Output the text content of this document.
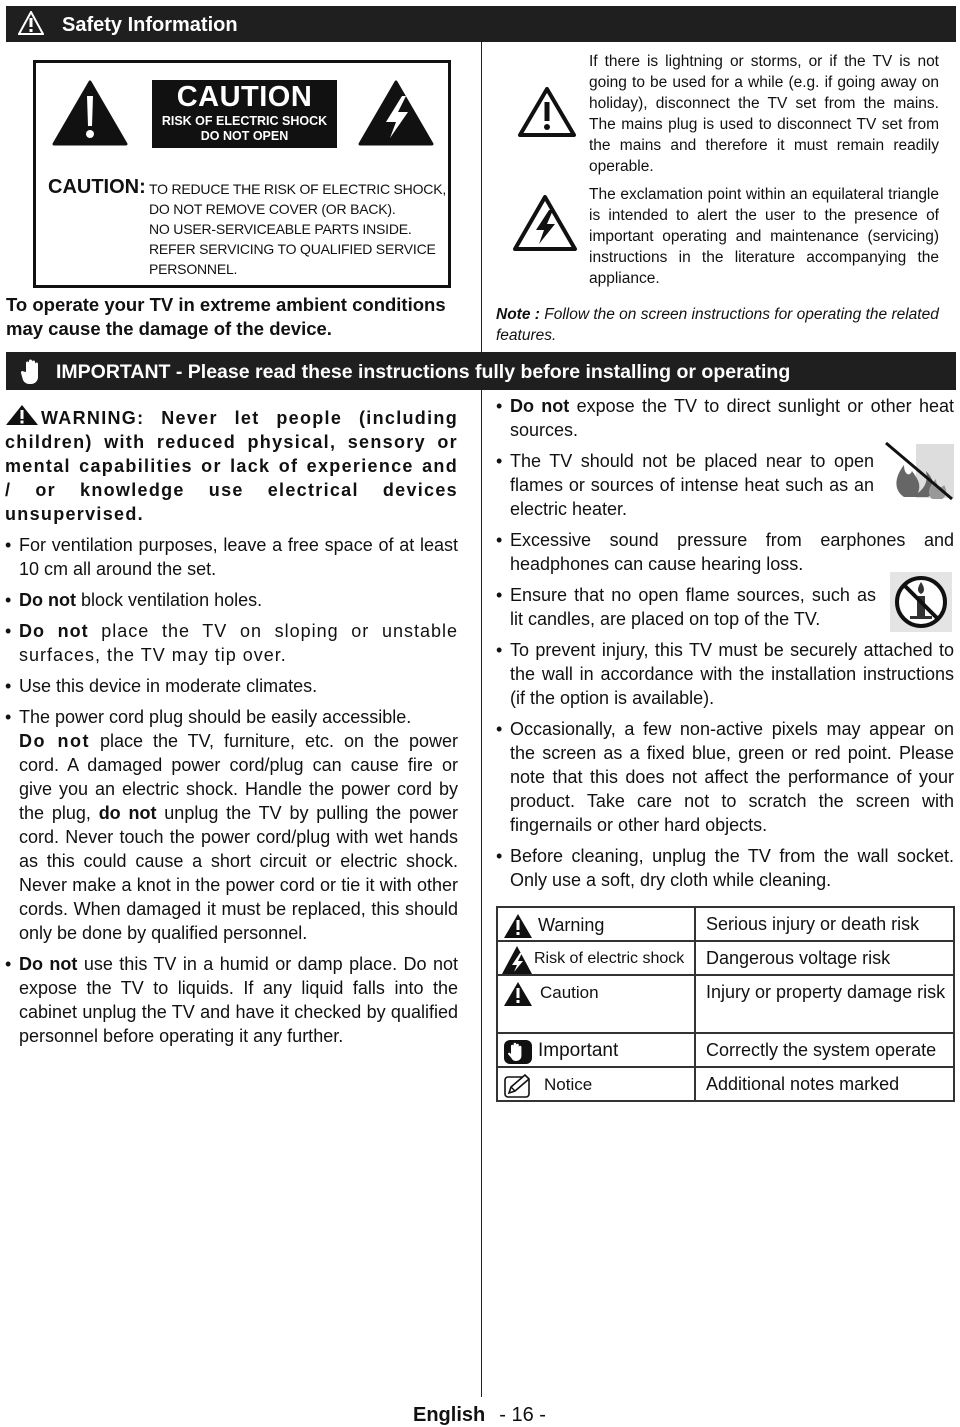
Safety Information
CAUTION
RISK OF ELECTRIC SHOCK
DO NOT OPEN
CAUTION: TO REDUCE THE RISK OF ELECTRIC SHOCK,
DO NOT REMOVE COVER (OR BACK).
NO USER-SERVICEABLE PARTS INSIDE.
REFER SERVICING TO QUALIFIED SERVICE
PERSONNEL.
To operate your TV in extreme ambient conditions may cause the damage of the device.
If there is lightning or storms, or if the TV is not going to be used for a while (e.g. if going away on holiday), disconnect the TV set from the mains. The mains plug is used to disconnect TV set from the mains and therefore it must remain readily operable.
The exclamation point within an equilateral triangle is intended to alert the user to the presence of important operating and maintenance (servicing) instructions in the literature accompanying the appliance.
Note : Follow the on screen instructions for operating the related features.
IMPORTANT - Please read these instructions fully before installing or operating

WARNING: Never let people (including children) with reduced physical, sensory or mental capabilities or lack of experience and / or knowledge use electrical devices unsupervised.

• For ventilation purposes, leave a free space of at least 10 cm all around the set.
• Do not block ventilation holes.
• Do not place the TV on sloping or unstable surfaces, the TV may tip over.
• Use this device in moderate climates.
• The power cord plug should be easily accessible.
Do not place the TV, furniture, etc. on the power cord. A damaged power cord/plug can cause fire or give you an electric shock. Handle the power cord by the plug, do not unplug the TV by pulling the power cord. Never touch the power cord/plug with wet hands as this could cause a short circuit or electric shock. Never make a knot in the power cord or tie it with other cords. When damaged it must be replaced, this should only be done by qualified personnel.
• Do not use this TV in a humid or damp place. Do not expose the TV to liquids. If any liquid falls into the cabinet unplug the TV and have it checked by qualified personnel before operating it any further.
• Do not expose the TV to direct sunlight or other heat sources.
• The TV should not be placed near to open flames or sources of intense heat such as an electric heater.
• Excessive sound pressure from earphones and headphones can cause hearing loss.
• Ensure that no open flame sources, such as lit candles, are placed on top of the TV.
• To prevent injury, this TV must be securely attached to the wall in accordance with the installation instructions (if the option is available).
• Occasionally, a few non-active pixels may appear on the screen as a fixed blue, green or red point. Please note that this does not affect the performance of your product. Take care not to scratch the screen with fingernails or other hard objects.
• Before cleaning, unplug the TV from the wall socket. Only use a soft, dry cloth while cleaning.
Warning	Serious injury or death risk

Risk of electric shock	Dangerous voltage risk

Caution	Injury or property damage risk

Important	Correctly the system operate

Notice	Additional notes marked
English - 16 -
